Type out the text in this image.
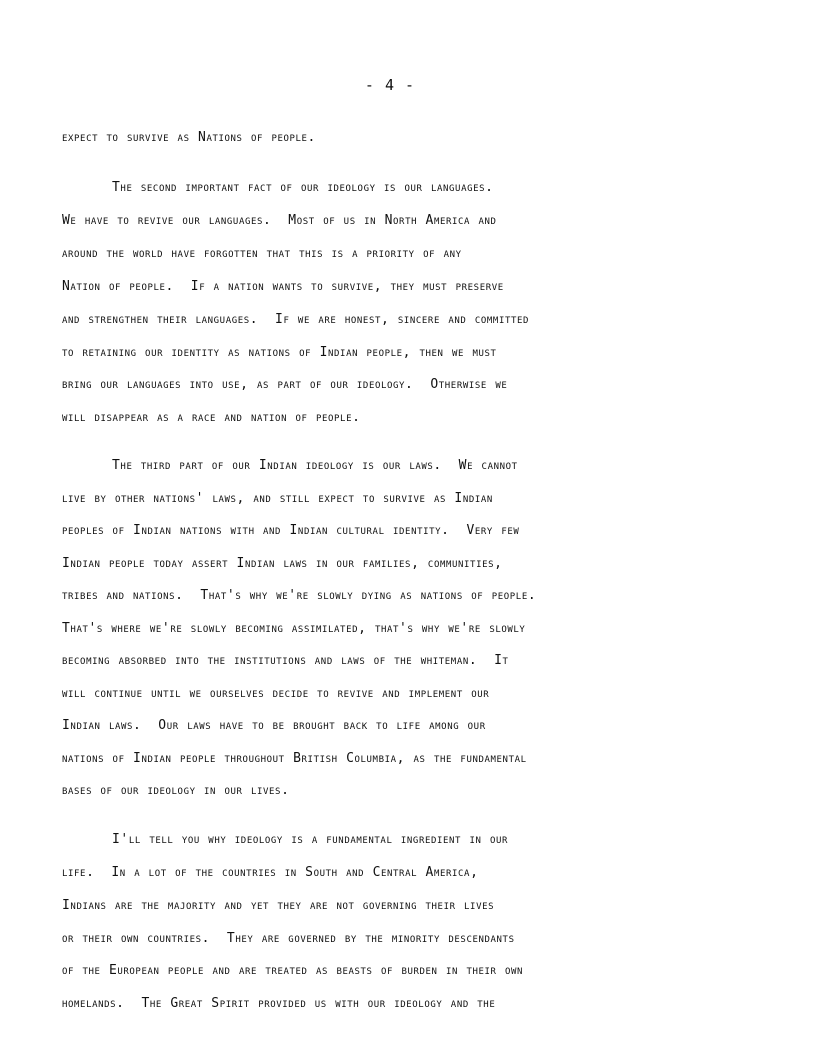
- 4 -
expect to survive as Nations of people.
The second important fact of our ideology is our languages.
We have to revive our languages.  Most of us in North America and
around the world have forgotten that this is a priority of any
Nation of people.  If a nation wants to survive, they must preserve
and strengthen their languages.  If we are honest, sincere and committed
to retaining our identity as nations of Indian people, then we must
bring our languages into use, as part of our ideology.  Otherwise we
will disappear as a race and nation of people.
The third part of our Indian ideology is our laws.  We cannot
live by other nations' laws, and still expect to survive as Indian
peoples of Indian nations with and Indian cultural identity.  Very few
Indian people today assert Indian laws in our families, communities,
tribes and nations.  That's why we're slowly dying as nations of people.
That's where we're slowly becoming assimilated, that's why we're slowly
becoming absorbed into the institutions and laws of the whiteman.  It
will continue until we ourselves decide to revive and implement our
Indian laws.  Our laws have to be brought back to life among our
nations of Indian people throughout British Columbia, as the fundamental
bases of our ideology in our lives.
I'll tell you why ideology is a fundamental ingredient in our
life.  In a lot of the countries in South and Central America,
Indians are the majority and yet they are not governing their lives
or their own countries.  They are governed by the minority descendants
of the European people and are treated as beasts of burden in their own
homelands.  The Great Spirit provided us with our ideology and the
